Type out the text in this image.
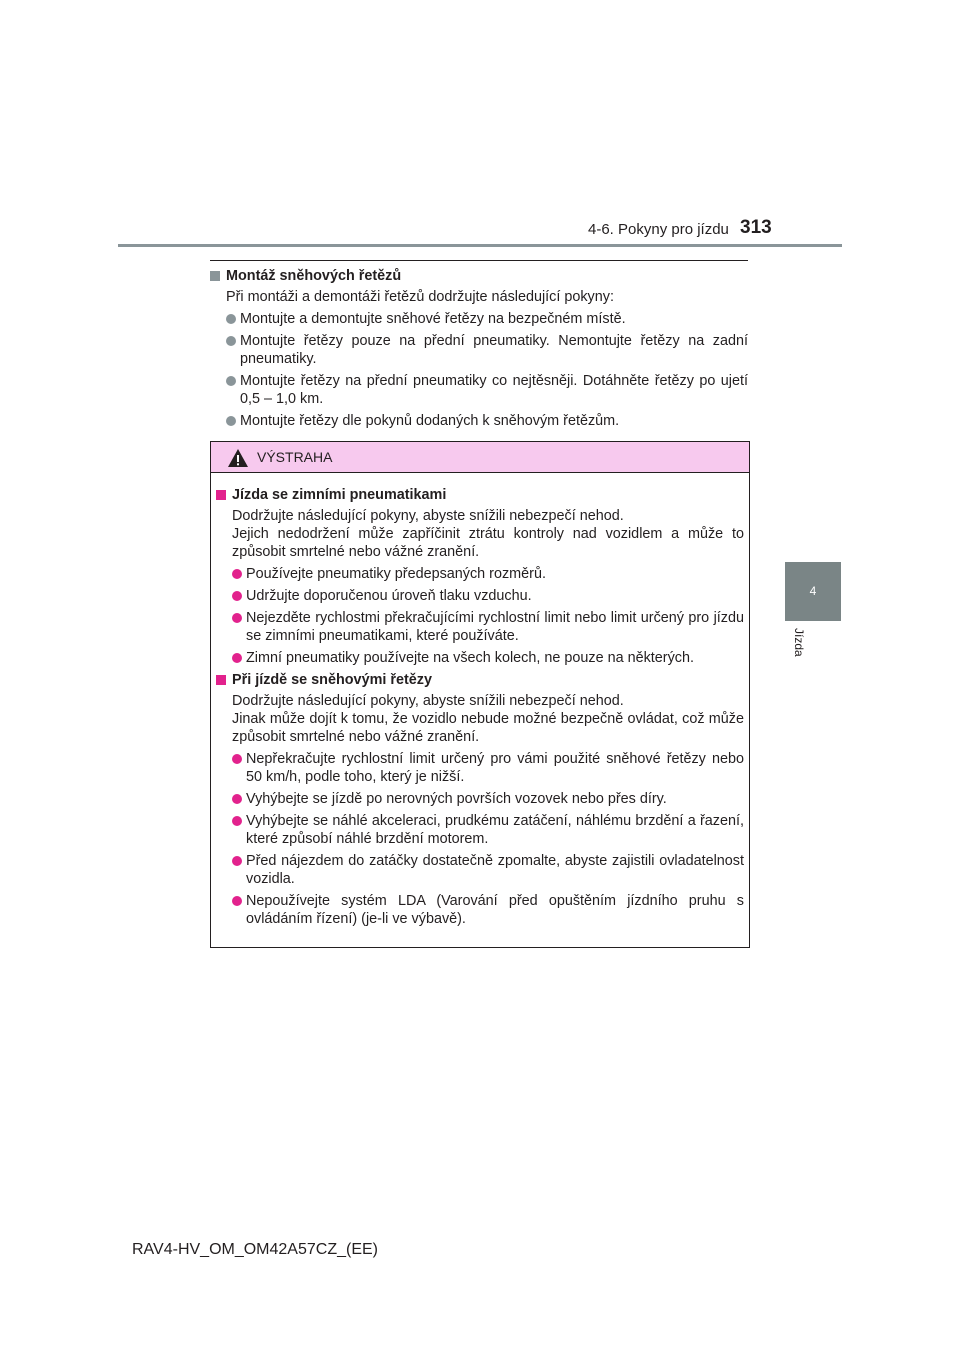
4-6. Pokyny pro jízdu 313
4
Jízda
Montáž sněhových řetězů
Při montáži a demontáži řetězů dodržujte následující pokyny:
Montujte a demontujte sněhové řetězy na bezpečném místě.
Montujte řetězy pouze na přední pneumatiky. Nemontujte řetězy na zadní pneumatiky.
Montujte řetězy na přední pneumatiky co nejtěsněji. Dotáhněte řetězy po ujetí 0,5 – 1,0 km.
Montujte řetězy dle pokynů dodaných k sněhovým řetězům.
VÝSTRAHA
Jízda se zimními pneumatikami
Dodržujte následující pokyny, abyste snížili nebezpečí nehod.
Jejich nedodržení může zapříčinit ztrátu kontroly nad vozidlem a může to způsobit smrtelné nebo vážné zranění.
Používejte pneumatiky předepsaných rozměrů.
Udržujte doporučenou úroveň tlaku vzduchu.
Nejezděte rychlostmi překračujícími rychlostní limit nebo limit určený pro jízdu se zimními pneumatikami, které používáte.
Zimní pneumatiky používejte na všech kolech, ne pouze na některých.
Při jízdě se sněhovými řetězy
Dodržujte následující pokyny, abyste snížili nebezpečí nehod.
Jinak může dojít k tomu, že vozidlo nebude možné bezpečně ovládat, což může způsobit smrtelné nebo vážné zranění.
Nepřekračujte rychlostní limit určený pro vámi použité sněhové řetězy nebo 50 km/h, podle toho, který je nižší.
Vyhýbejte se jízdě po nerovných površích vozovek nebo přes díry.
Vyhýbejte se náhlé akceleraci, prudkému zatáčení, náhlému brzdění a řazení, které způsobí náhlé brzdění motorem.
Před nájezdem do zatáčky dostatečně zpomalte, abyste zajistili ovladatelnost vozidla.
Nepoužívejte systém LDA (Varování před opuštěním jízdního pruhu s ovládáním řízení) (je-li ve výbavě).
RAV4-HV_OM_OM42A57CZ_(EE)
